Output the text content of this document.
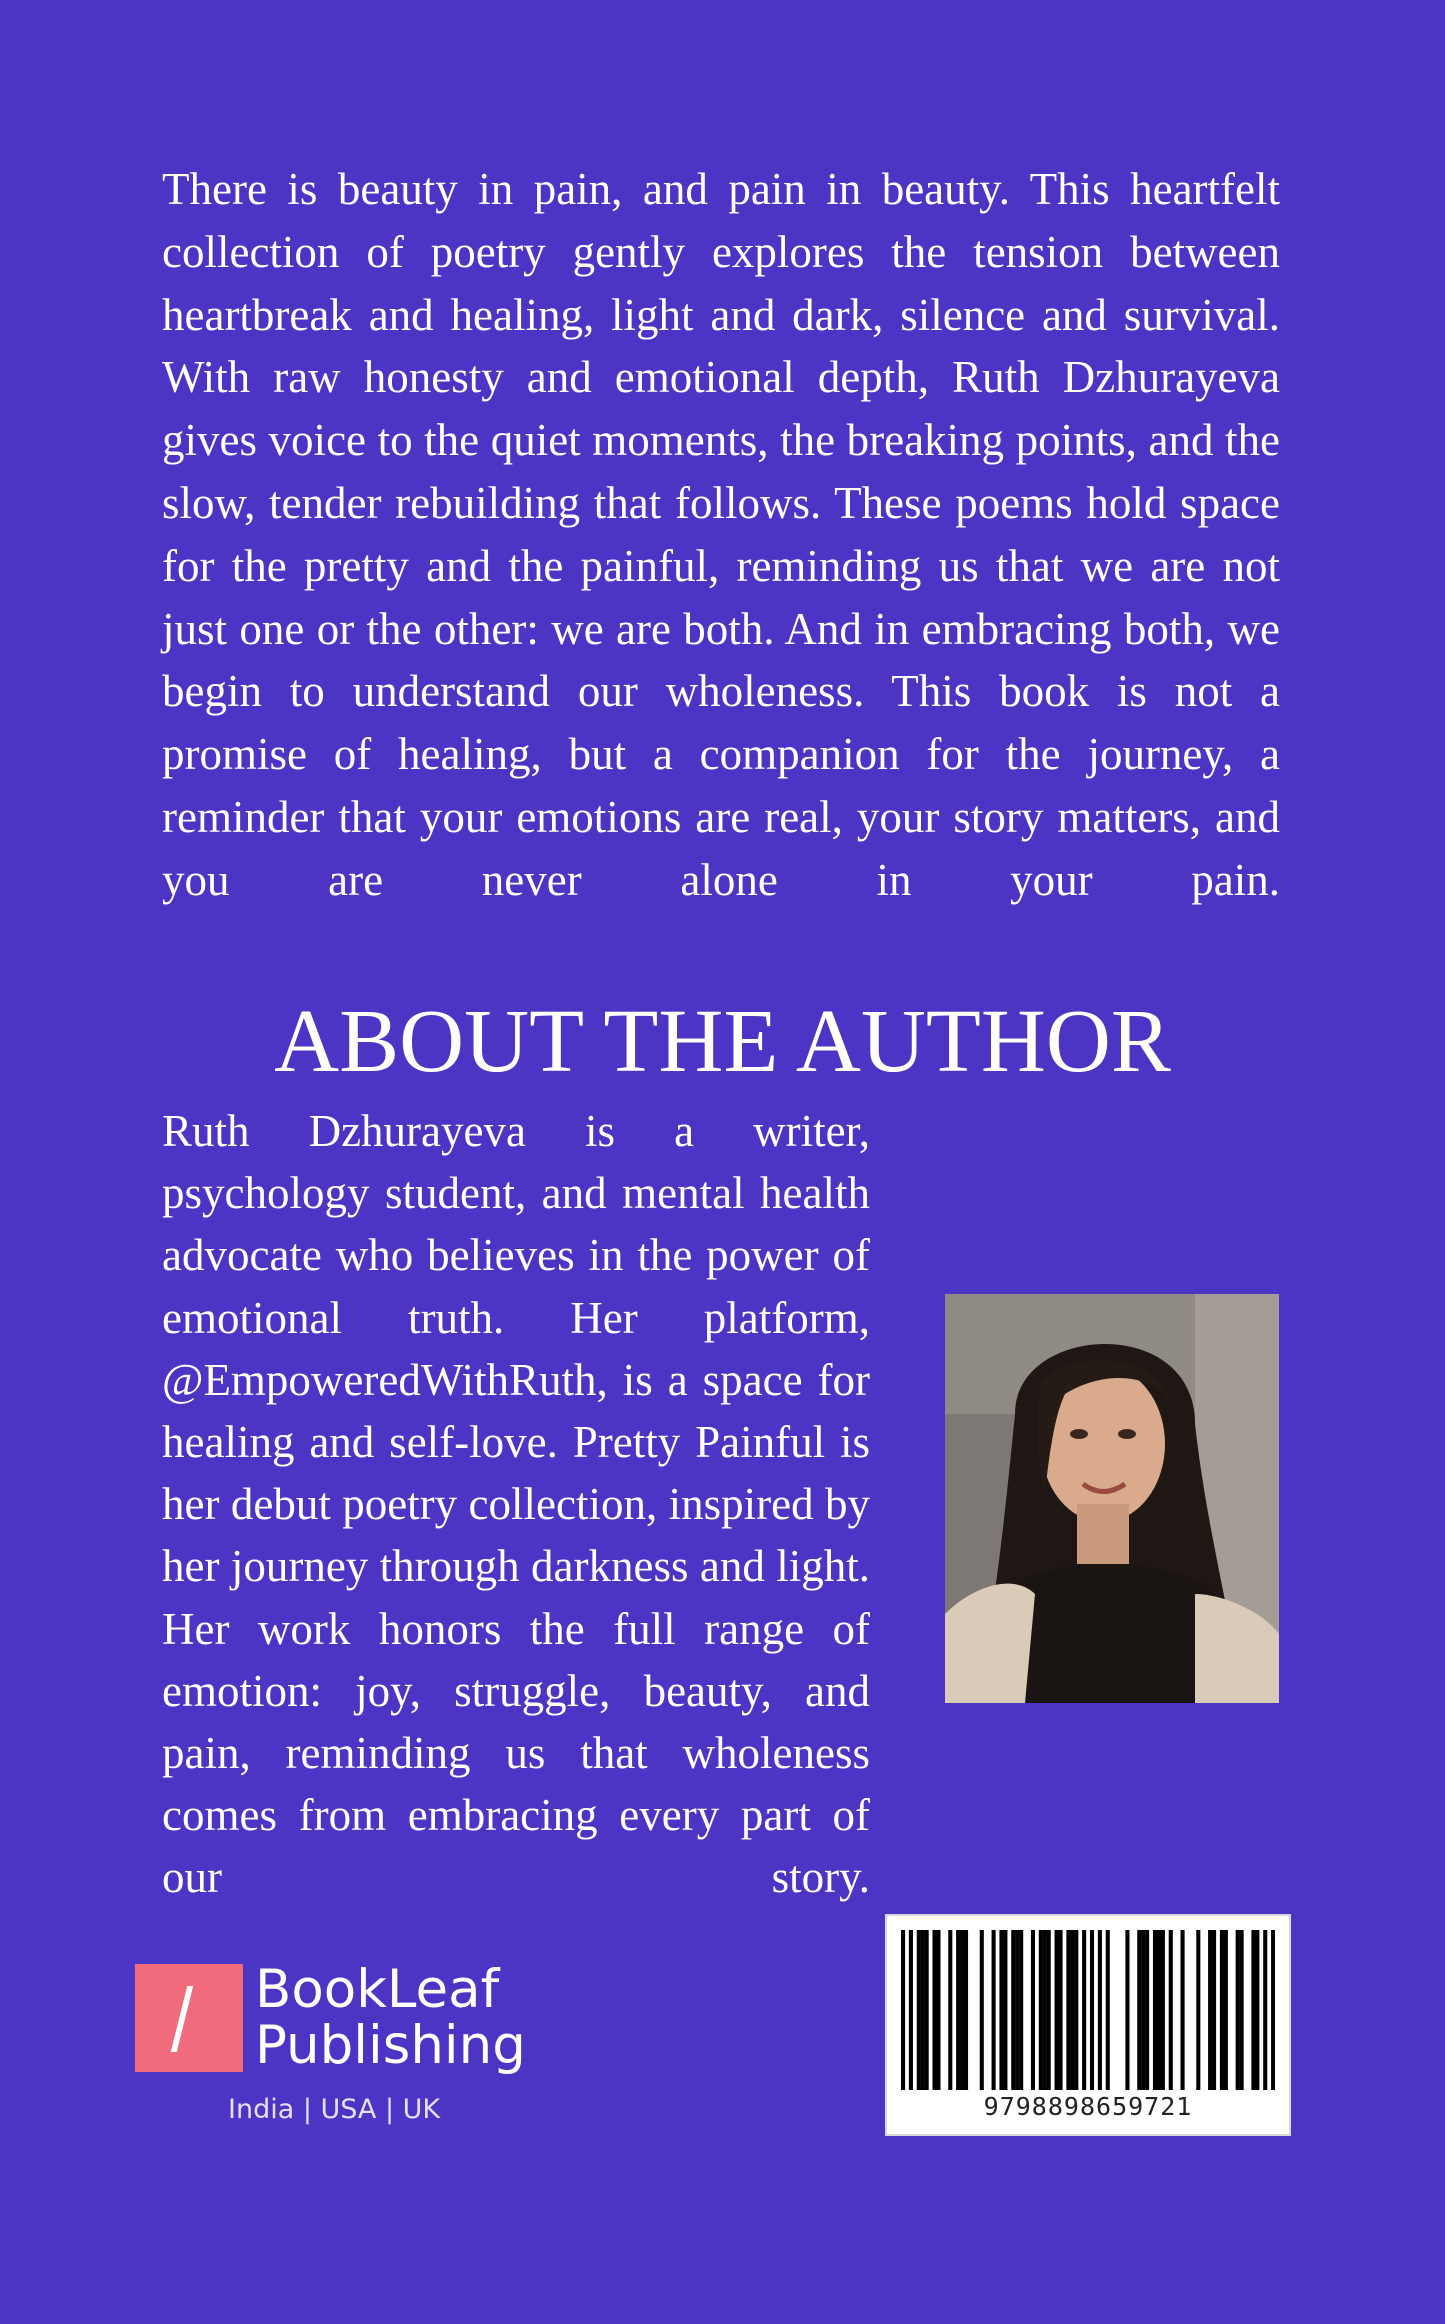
There is beauty in pain, and pain in beauty. This heartfelt collection of poetry gently explores the tension between heartbreak and healing, light and dark, silence and survival. With raw honesty and emotional depth, Ruth Dzhurayeva gives voice to the quiet moments, the breaking points, and the slow, tender rebuilding that follows. These poems hold space for the pretty and the painful, reminding us that we are not just one or the other: we are both. And in embracing both, we begin to understand our wholeness. This book is not a promise of healing, but a companion for the journey, a reminder that your emotions are real, your story matters, and you are never alone in your pain.

ABOUT THE AUTHOR

Ruth Dzhurayeva is a writer, psychology student, and mental health advocate who believes in the power of emotional truth. Her platform, @EmpoweredWithRuth, is a space for healing and self-love. Pretty Painful is her debut poetry collection, inspired by her journey through darkness and light. Her work honors the full range of emotion: joy, struggle, beauty, and pain, reminding us that wholeness comes from embracing every part of our story.

BookLeaf
Publishing
India | USA | UK	9798898659721
